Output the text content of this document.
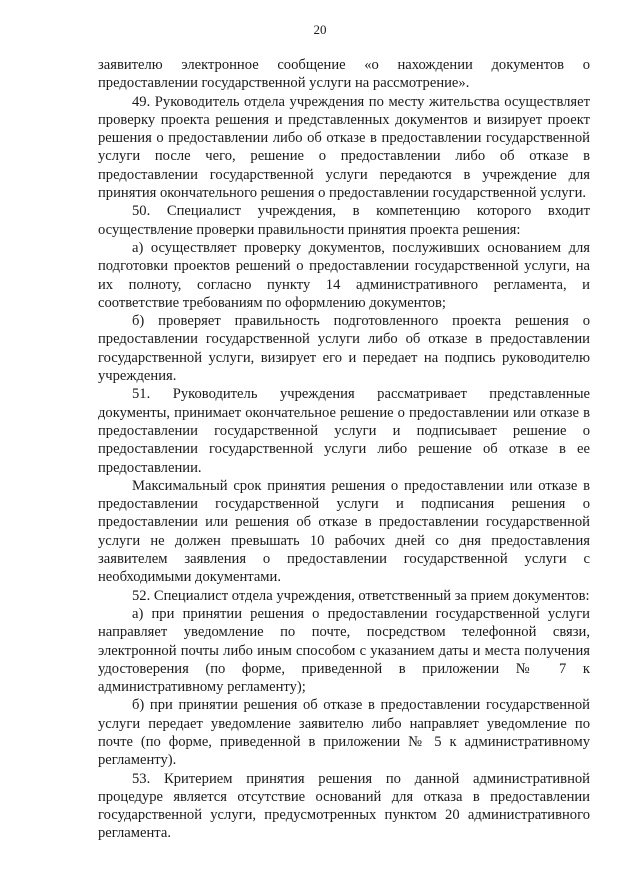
20

заявителю электронное сообщение «о нахождении документов о предоставлении государственной услуги на рассмотрение».

49. Руководитель отдела учреждения по месту жительства осуществляет проверку проекта решения и представленных документов и визирует проект решения о предоставлении либо об отказе в предоставлении государственной услуги после чего, решение о предоставлении либо об отказе в предоставлении государственной услуги передаются в учреждение для принятия окончательного решения о предоставлении государственной услуги.

50. Специалист учреждения, в компетенцию которого входит осуществление проверки правильности принятия проекта решения:

а) осуществляет проверку документов, послуживших основанием для подготовки проектов решений о предоставлении государственной услуги, на их полноту, согласно пункту 14 административного регламента, и соответствие требованиям по оформлению документов;

б) проверяет правильность подготовленного проекта решения о предоставлении государственной услуги либо об отказе в предоставлении государственной услуги, визирует его и передает на подпись руководителю учреждения.

51. Руководитель учреждения рассматривает представленные документы, принимает окончательное решение о предоставлении или отказе в предоставлении государственной услуги и подписывает решение о предоставлении государственной услуги либо решение об отказе в ее предоставлении.

Максимальный срок принятия решения о предоставлении или отказе в предоставлении государственной услуги и подписания решения о предоставлении или решения об отказе в предоставлении государственной услуги не должен превышать 10 рабочих дней со дня предоставления заявителем заявления о предоставлении государственной услуги с необходимыми документами.

52. Специалист отдела учреждения, ответственный за прием документов:

а) при принятии решения о предоставлении государственной услуги направляет уведомление по почте, посредством телефонной связи, электронной почты либо иным способом с указанием даты и места получения удостоверения (по форме, приведенной в приложении № 7 к административному регламенту);

б) при принятии решения об отказе в предоставлении государственной услуги передает уведомление заявителю либо направляет уведомление по почте (по форме, приведенной в приложении № 5 к административному регламенту).

53. Критерием принятия решения по данной административной процедуре является отсутствие оснований для отказа в предоставлении государственной услуги, предусмотренных пунктом 20 административного регламента.
